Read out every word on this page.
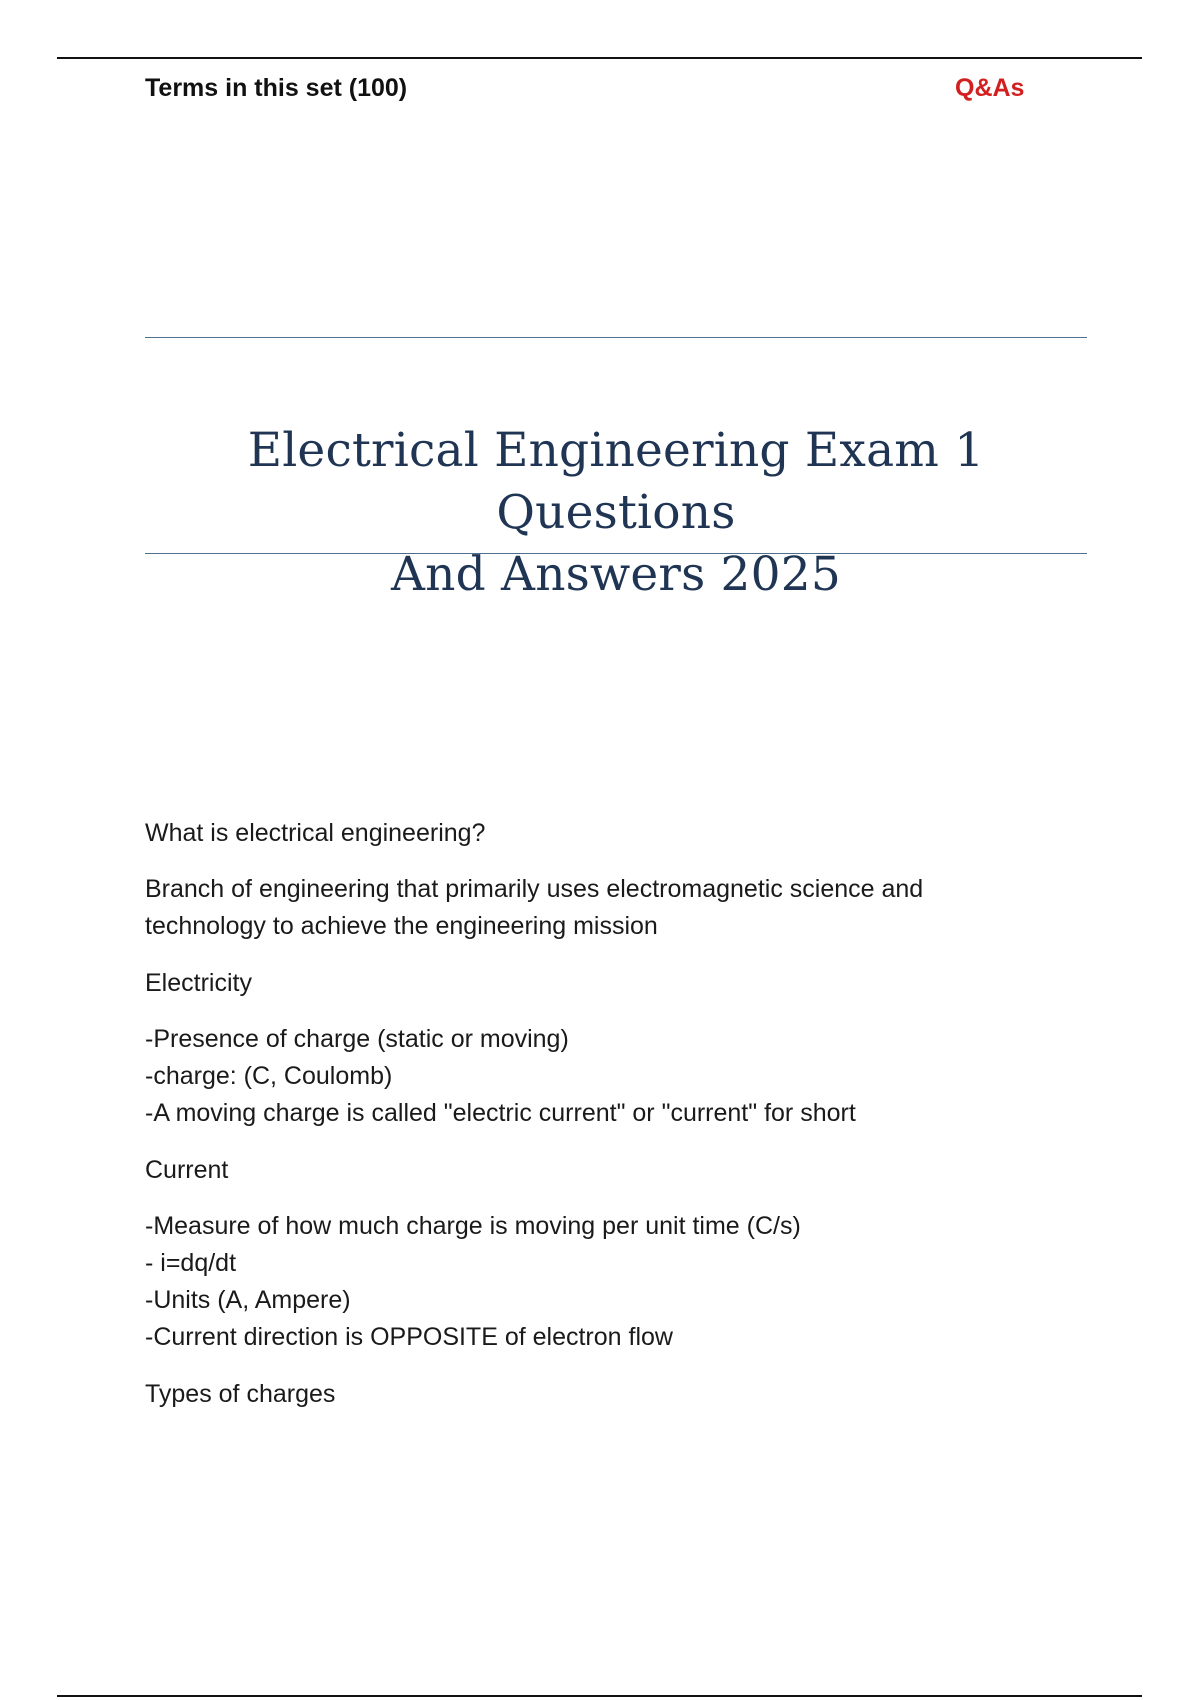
Terms in this set (100)	Q&As
Electrical Engineering Exam 1 Questions
And Answers 2025
What is electrical engineering?
Branch of engineering that primarily uses electromagnetic science and
technology to achieve the engineering mission
Electricity
-Presence of charge (static or moving)
-charge: (C, Coulomb)
-A moving charge is called "electric current" or "current" for short
Current
-Measure of how much charge is moving per unit time (C/s)
- i=dq/dt
-Units (A, Ampere)
-Current direction is OPPOSITE of electron flow
Types of charges
